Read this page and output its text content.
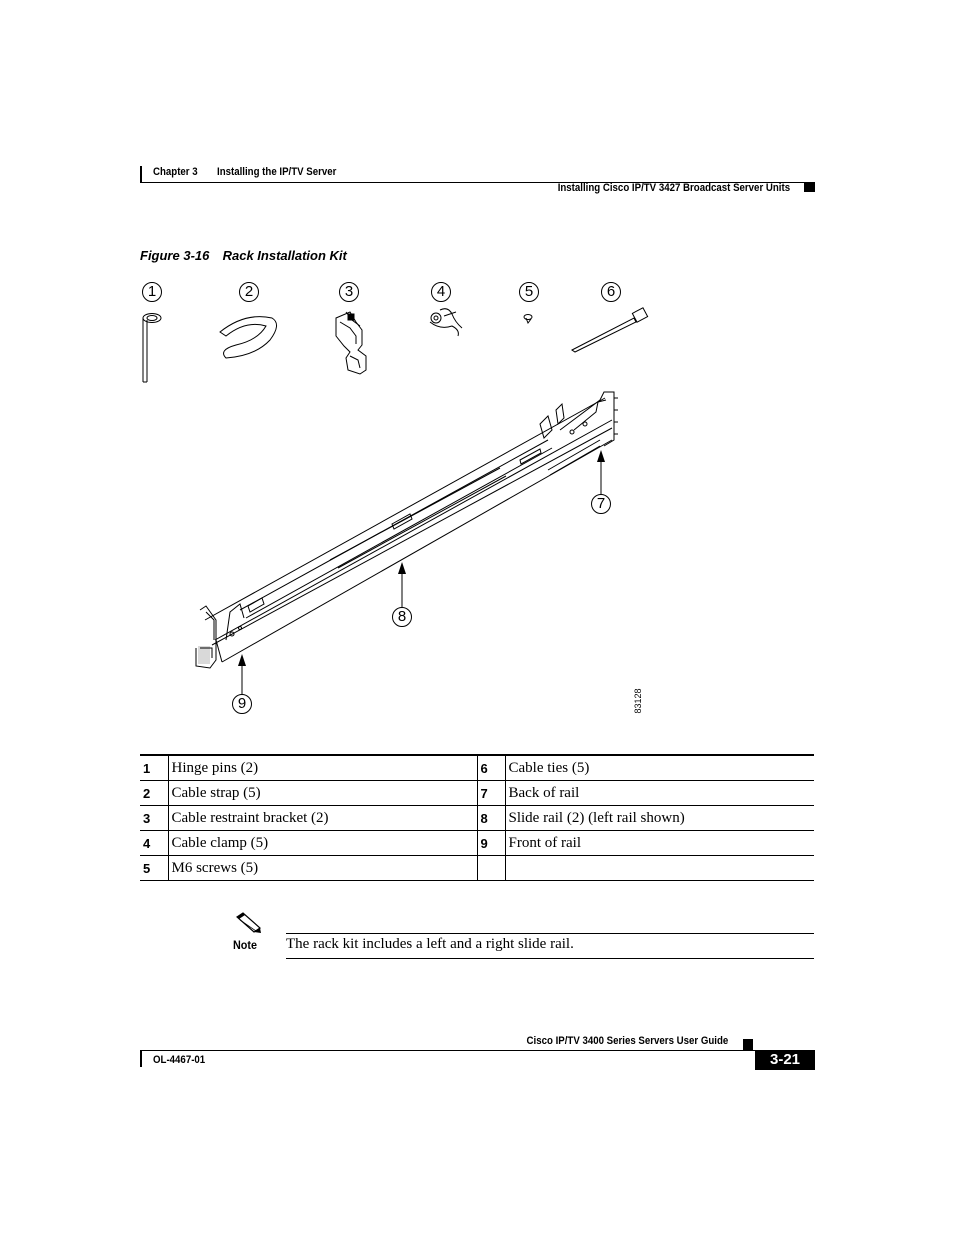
Chapter 3 Installing the IP/TV Server
Installing Cisco IP/TV 3427 Broadcast Server Units
Figure 3-16 Rack Installation Kit
1	2	3	4	5	6
7
8
9	83128
1	Hinge pins (2)	6	Cable ties (5)
2	Cable strap (5)	7	Back of rail
3	Cable restraint bracket (2)	8	Slide rail (2) (left rail shown)
4	Cable clamp (5)	9	Front of rail
5	M6 screws (5)		
Note The rack kit includes a left and a right slide rail.
Cisco IP/TV 3400 Series Servers User Guide
OL-4467-01	3-21
